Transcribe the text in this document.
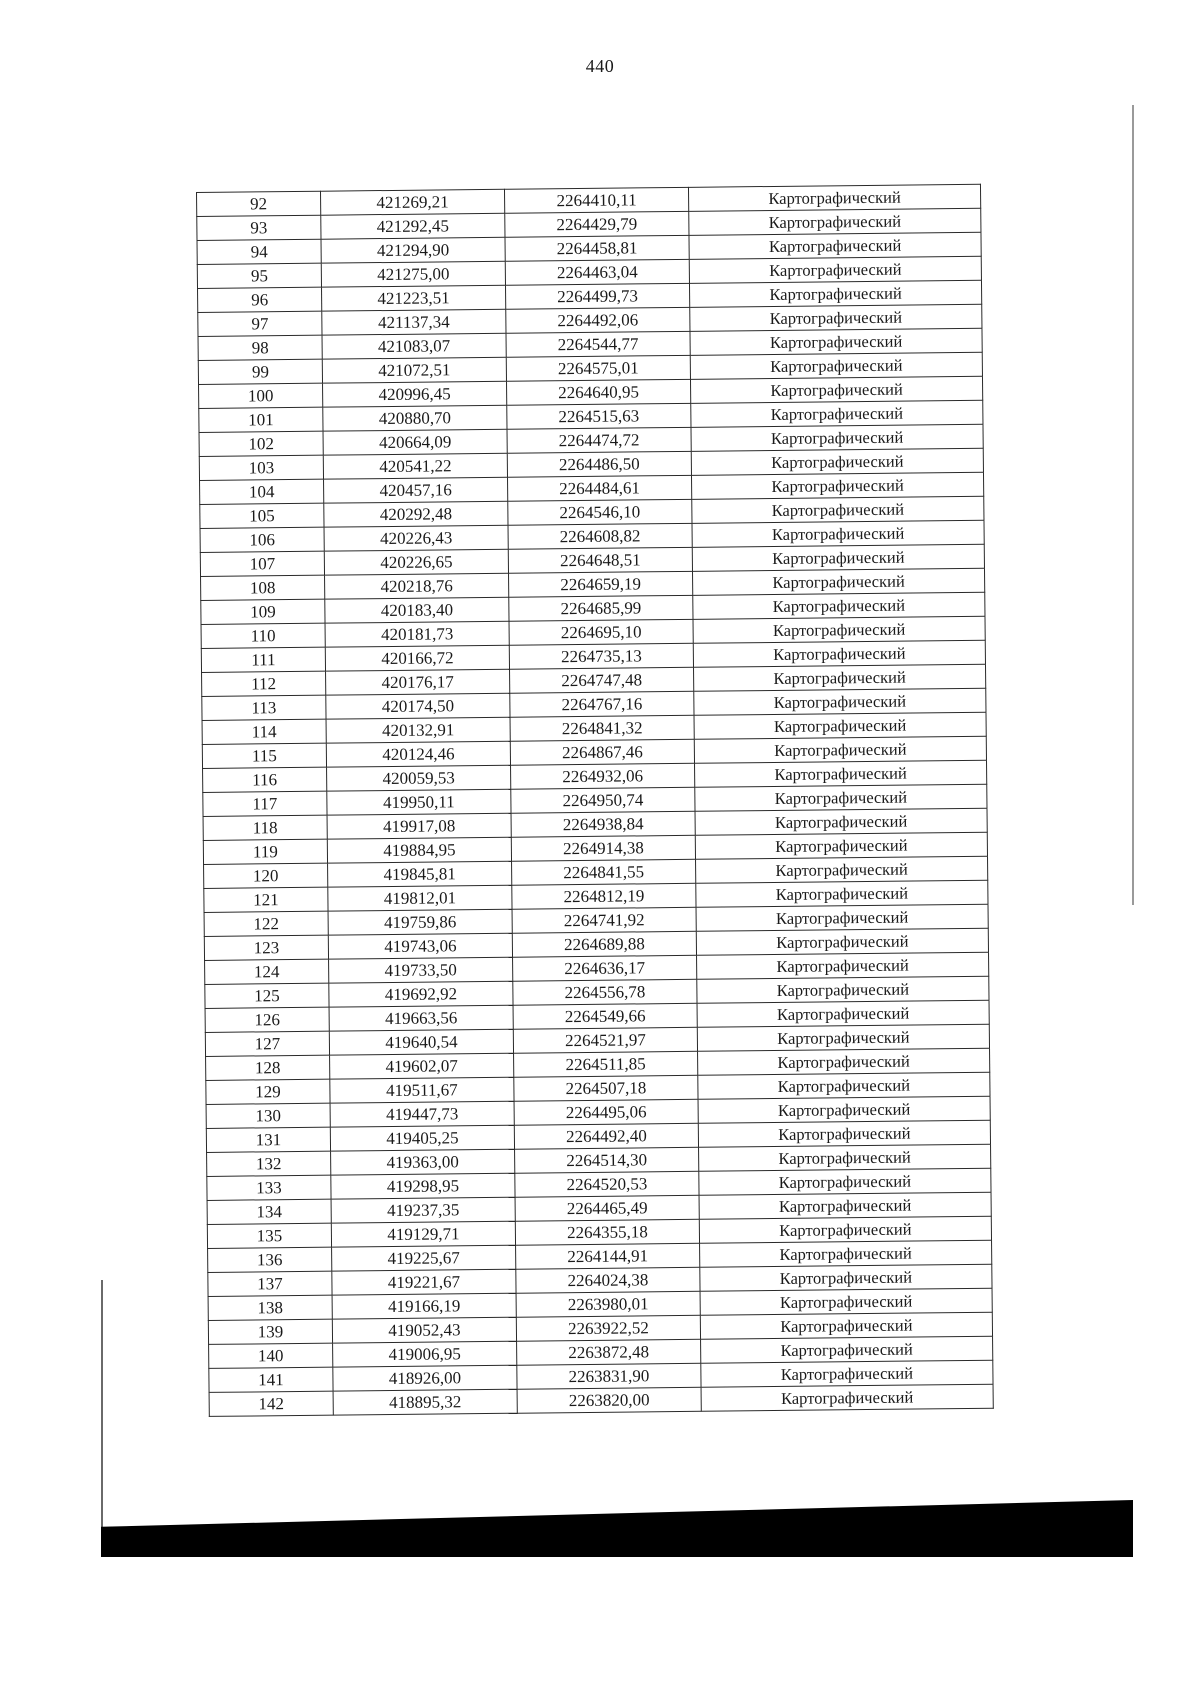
440
92	421269,21	2264410,11	Картографический
93	421292,45	2264429,79	Картографический
94	421294,90	2264458,81	Картографический
95	421275,00	2264463,04	Картографический
96	421223,51	2264499,73	Картографический
97	421137,34	2264492,06	Картографический
98	421083,07	2264544,77	Картографический
99	421072,51	2264575,01	Картографический
100	420996,45	2264640,95	Картографический
101	420880,70	2264515,63	Картографический
102	420664,09	2264474,72	Картографический
103	420541,22	2264486,50	Картографический
104	420457,16	2264484,61	Картографический
105	420292,48	2264546,10	Картографический
106	420226,43	2264608,82	Картографический
107	420226,65	2264648,51	Картографический
108	420218,76	2264659,19	Картографический
109	420183,40	2264685,99	Картографический
110	420181,73	2264695,10	Картографический
111	420166,72	2264735,13	Картографический
112	420176,17	2264747,48	Картографический
113	420174,50	2264767,16	Картографический
114	420132,91	2264841,32	Картографический
115	420124,46	2264867,46	Картографический
116	420059,53	2264932,06	Картографический
117	419950,11	2264950,74	Картографический
118	419917,08	2264938,84	Картографический
119	419884,95	2264914,38	Картографический
120	419845,81	2264841,55	Картографический
121	419812,01	2264812,19	Картографический
122	419759,86	2264741,92	Картографический
123	419743,06	2264689,88	Картографический
124	419733,50	2264636,17	Картографический
125	419692,92	2264556,78	Картографический
126	419663,56	2264549,66	Картографический
127	419640,54	2264521,97	Картографический
128	419602,07	2264511,85	Картографический
129	419511,67	2264507,18	Картографический
130	419447,73	2264495,06	Картографический
131	419405,25	2264492,40	Картографический
132	419363,00	2264514,30	Картографический
133	419298,95	2264520,53	Картографический
134	419237,35	2264465,49	Картографический
135	419129,71	2264355,18	Картографический
136	419225,67	2264144,91	Картографический
137	419221,67	2264024,38	Картографический
138	419166,19	2263980,01	Картографический
139	419052,43	2263922,52	Картографический
140	419006,95	2263872,48	Картографический
141	418926,00	2263831,90	Картографический
142	418895,32	2263820,00	Картографический
